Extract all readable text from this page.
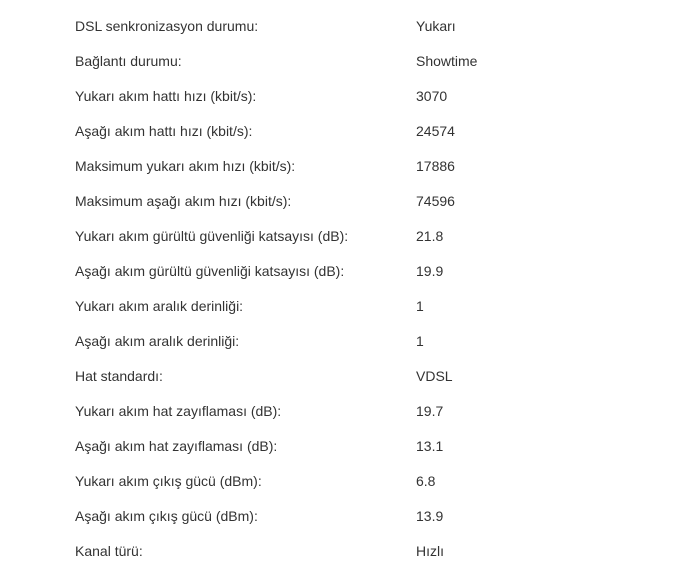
DSL senkronizasyon durumu:	Yukarı
Bağlantı durumu:	Showtime
Yukarı akım hattı hızı (kbit/s):	3070
Aşağı akım hattı hızı (kbit/s):	24574
Maksimum yukarı akım hızı (kbit/s):	17886
Maksimum aşağı akım hızı (kbit/s):	74596
Yukarı akım gürültü güvenliği katsayısı (dB):	21.8
Aşağı akım gürültü güvenliği katsayısı (dB):	19.9
Yukarı akım aralık derinliği:	1
Aşağı akım aralık derinliği:	1
Hat standardı:	VDSL
Yukarı akım hat zayıflaması (dB):	19.7
Aşağı akım hat zayıflaması (dB):	13.1
Yukarı akım çıkış gücü (dBm):	6.8
Aşağı akım çıkış gücü (dBm):	13.9
Kanal türü:	Hızlı
